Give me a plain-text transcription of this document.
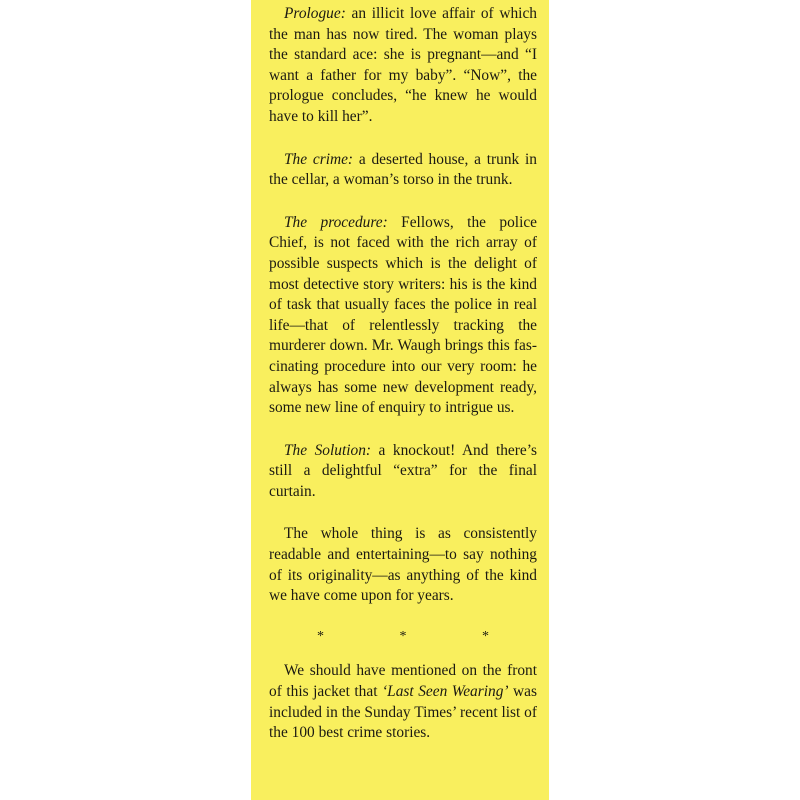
Prologue: an illicit love affair of which the man has now tired. The woman plays the standard ace: she is pregnant—and “I want a father for my baby”. “Now”, the prologue concludes, “he knew he would have to kill her”.

The crime: a deserted house, a trunk in the cellar, a woman’s torso in the trunk.

The procedure: Fellows, the police Chief, is not faced with the rich array of possible suspects which is the delight of most detective story writers: his is the kind of task that usually faces the police in real life—that of relentlessly tracking the murderer down. Mr. Waugh brings this fascinating procedure into our very room: he always has some new development ready, some new line of enquiry to intrigue us.

The Solution: a knockout! And there’s still a delightful “extra” for the final curtain.

The whole thing is as consistently readable and entertaining—to say nothing of its originality—as anything of the kind we have come upon for years.

* * *

We should have mentioned on the front of this jacket that ‘Last Seen Wearing’ was included in the Sunday Times’ recent list of the 100 best crime stories.
